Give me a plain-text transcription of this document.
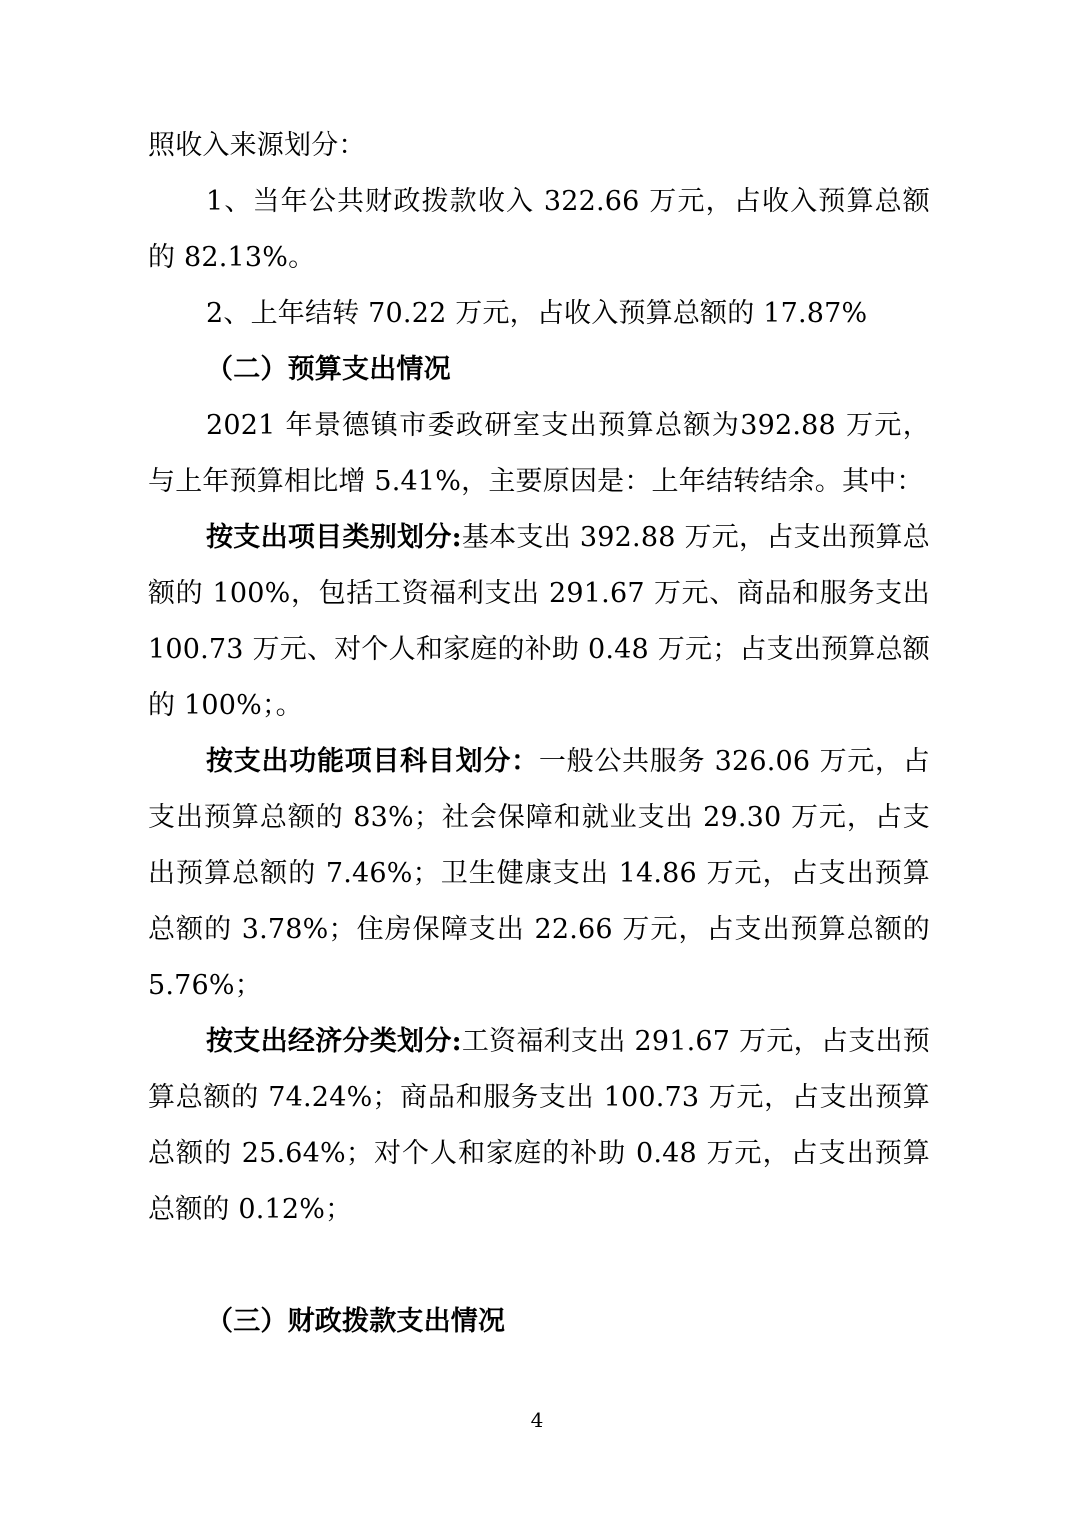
照收入来源划分：

1、当年公共财政拨款收入 322.66 万元，占收入预算总额的 82.13%。

2、上年结转 70.22 万元，占收入预算总额的 17.87%

（二）预算支出情况

2021 年景德镇市委政研室支出预算总额为392.88 万元，与上年预算相比增 5.41%，主要原因是：上年结转结余。其中：

按支出项目类别划分:基本支出 392.88 万元，占支出预算总额的 100%，包括工资福利支出 291.67 万元、商品和服务支出 100.73 万元、对个人和家庭的补助 0.48 万元；占支出预算总额的 100%；。

按支出功能项目科目划分：一般公共服务 326.06 万元，占支出预算总额的 83%；社会保障和就业支出 29.30 万元，占支出预算总额的 7.46%；卫生健康支出 14.86 万元，占支出预算总额的 3.78%；住房保障支出 22.66 万元，占支出预算总额的 5.76%；

按支出经济分类划分:工资福利支出 291.67 万元，占支出预算总额的 74.24%；商品和服务支出 100.73 万元，占支出预算总额的 25.64%；对个人和家庭的补助 0.48 万元，占支出预算总额的 0.12%；

（三）财政拨款支出情况

4
